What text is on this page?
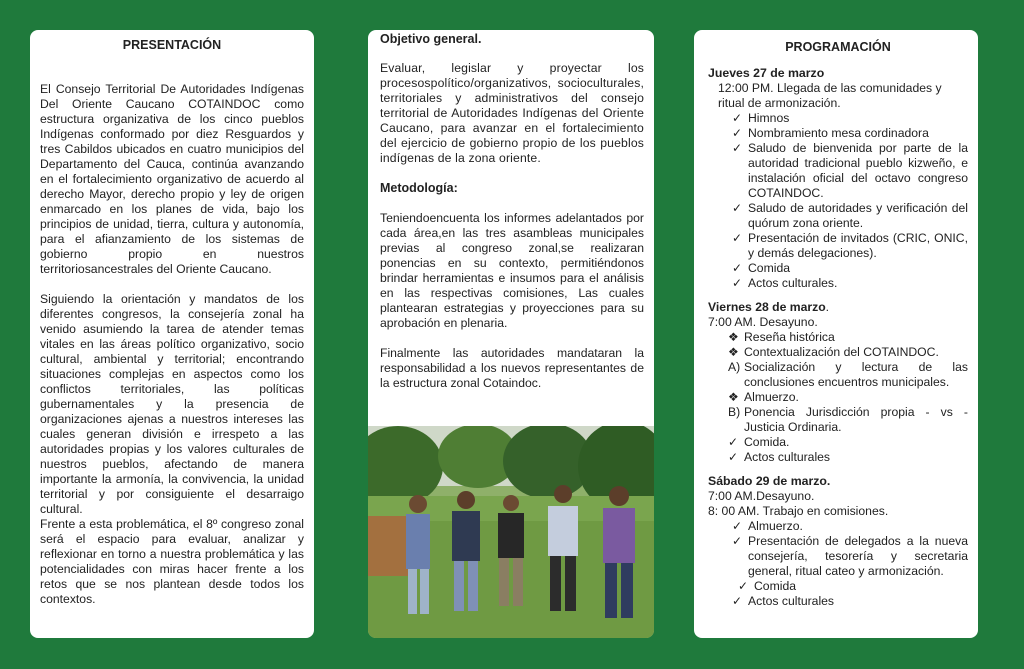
PRESENTACIÓN

El Consejo Territorial De Autoridades Indígenas Del Oriente Caucano COTAINDOC como estructura organizativa de los cinco pueblos Indígenas conformado por diez Resguardos y tres Cabildos ubicados en cuatro municipios del Departamento del Cauca, continúa avanzando en el fortalecimiento organizativo de acuerdo al derecho Mayor, derecho propio y ley de origen enmarcado en los planes de vida, bajo los principios de unidad, tierra, cultura y autonomía, para el afianzamiento de los sistemas de gobierno propio en nuestros territoriosancestrales del Oriente Caucano.

Siguiendo la orientación y mandatos de los diferentes congresos, la consejería zonal ha venido asumiendo la tarea de atender temas vitales en las áreas político organizativo, socio cultural, ambiental y territorial; encontrando situaciones complejas en aspectos como los conflictos territoriales, las políticas gubernamentales y la presencia de organizaciones ajenas a nuestros intereses las cuales generan división e irrespeto a las autoridades propias y los valores culturales de nuestros pueblos, afectando de manera importante la armonía, la convivencia, la unidad territorial y por consiguiente el desarraigo cultural.

Frente a esta problemática, el 8º congreso zonal será el espacio para evaluar, analizar y reflexionar en torno a nuestra problemática y las potencialidades con miras hacer frente a los retos que se nos plantean desde todos los contextos.

Objetivo general.

Evaluar, legislar y proyectar los procesospolítico/organizativos, socioculturales, territoriales y administrativos del consejo territorial de Autoridades Indígenas del Oriente Caucano, para avanzar en el fortalecimiento del ejercicio de gobierno propio de los pueblos indígenas de la zona oriente.

Metodología:

Teniendoencuenta los informes adelantados por cada área,en las tres asambleas municipales previas al congreso zonal,se realizaran ponencias en su contexto, permitiéndonos brindar herramientas e insumos para el análisis en las respectivas comisiones, Las cuales plantearan estrategias y proyecciones para su aprobación en plenaria.

Finalmente las autoridades mandataran la responsabilidad a los nuevos representantes de la estructura zonal Cotaindoc.

PROGRAMACIÓN

Jueves 27 de marzo

12:00 PM. Llegada de las comunidades y ritual de armonización.

✓ Himnos
✓ Nombramiento mesa cordinadora
✓ Saludo de bienvenida por parte de la autoridad tradicional pueblo kizweño, e instalación oficial del octavo congreso COTAINDOC.
✓ Saludo de autoridades y verificación del quórum zona oriente.
✓ Presentación de invitados (CRIC, ONIC, y demás delegaciones).
✓ Comida
✓ Actos culturales.

Viernes 28 de marzo.

7:00 AM. Desayuno.

❖ Reseña histórica
❖ Contextualización del COTAINDOC.
A) Socialización y lectura de las conclusiones encuentros municipales.
❖ Almuerzo.
B) Ponencia Jurisdicción propia - vs - Justicia Ordinaria.
✓ Comida.
✓ Actos culturales

Sábado 29 de marzo.

7:00 AM.Desayuno.

8: 00 AM. Trabajo en comisiones.

✓ Almuerzo.
✓ Presentación de delegados a la nueva consejería, tesorería y secretaria general, ritual cateo y armonización.
✓ Comida
✓ Actos culturales
